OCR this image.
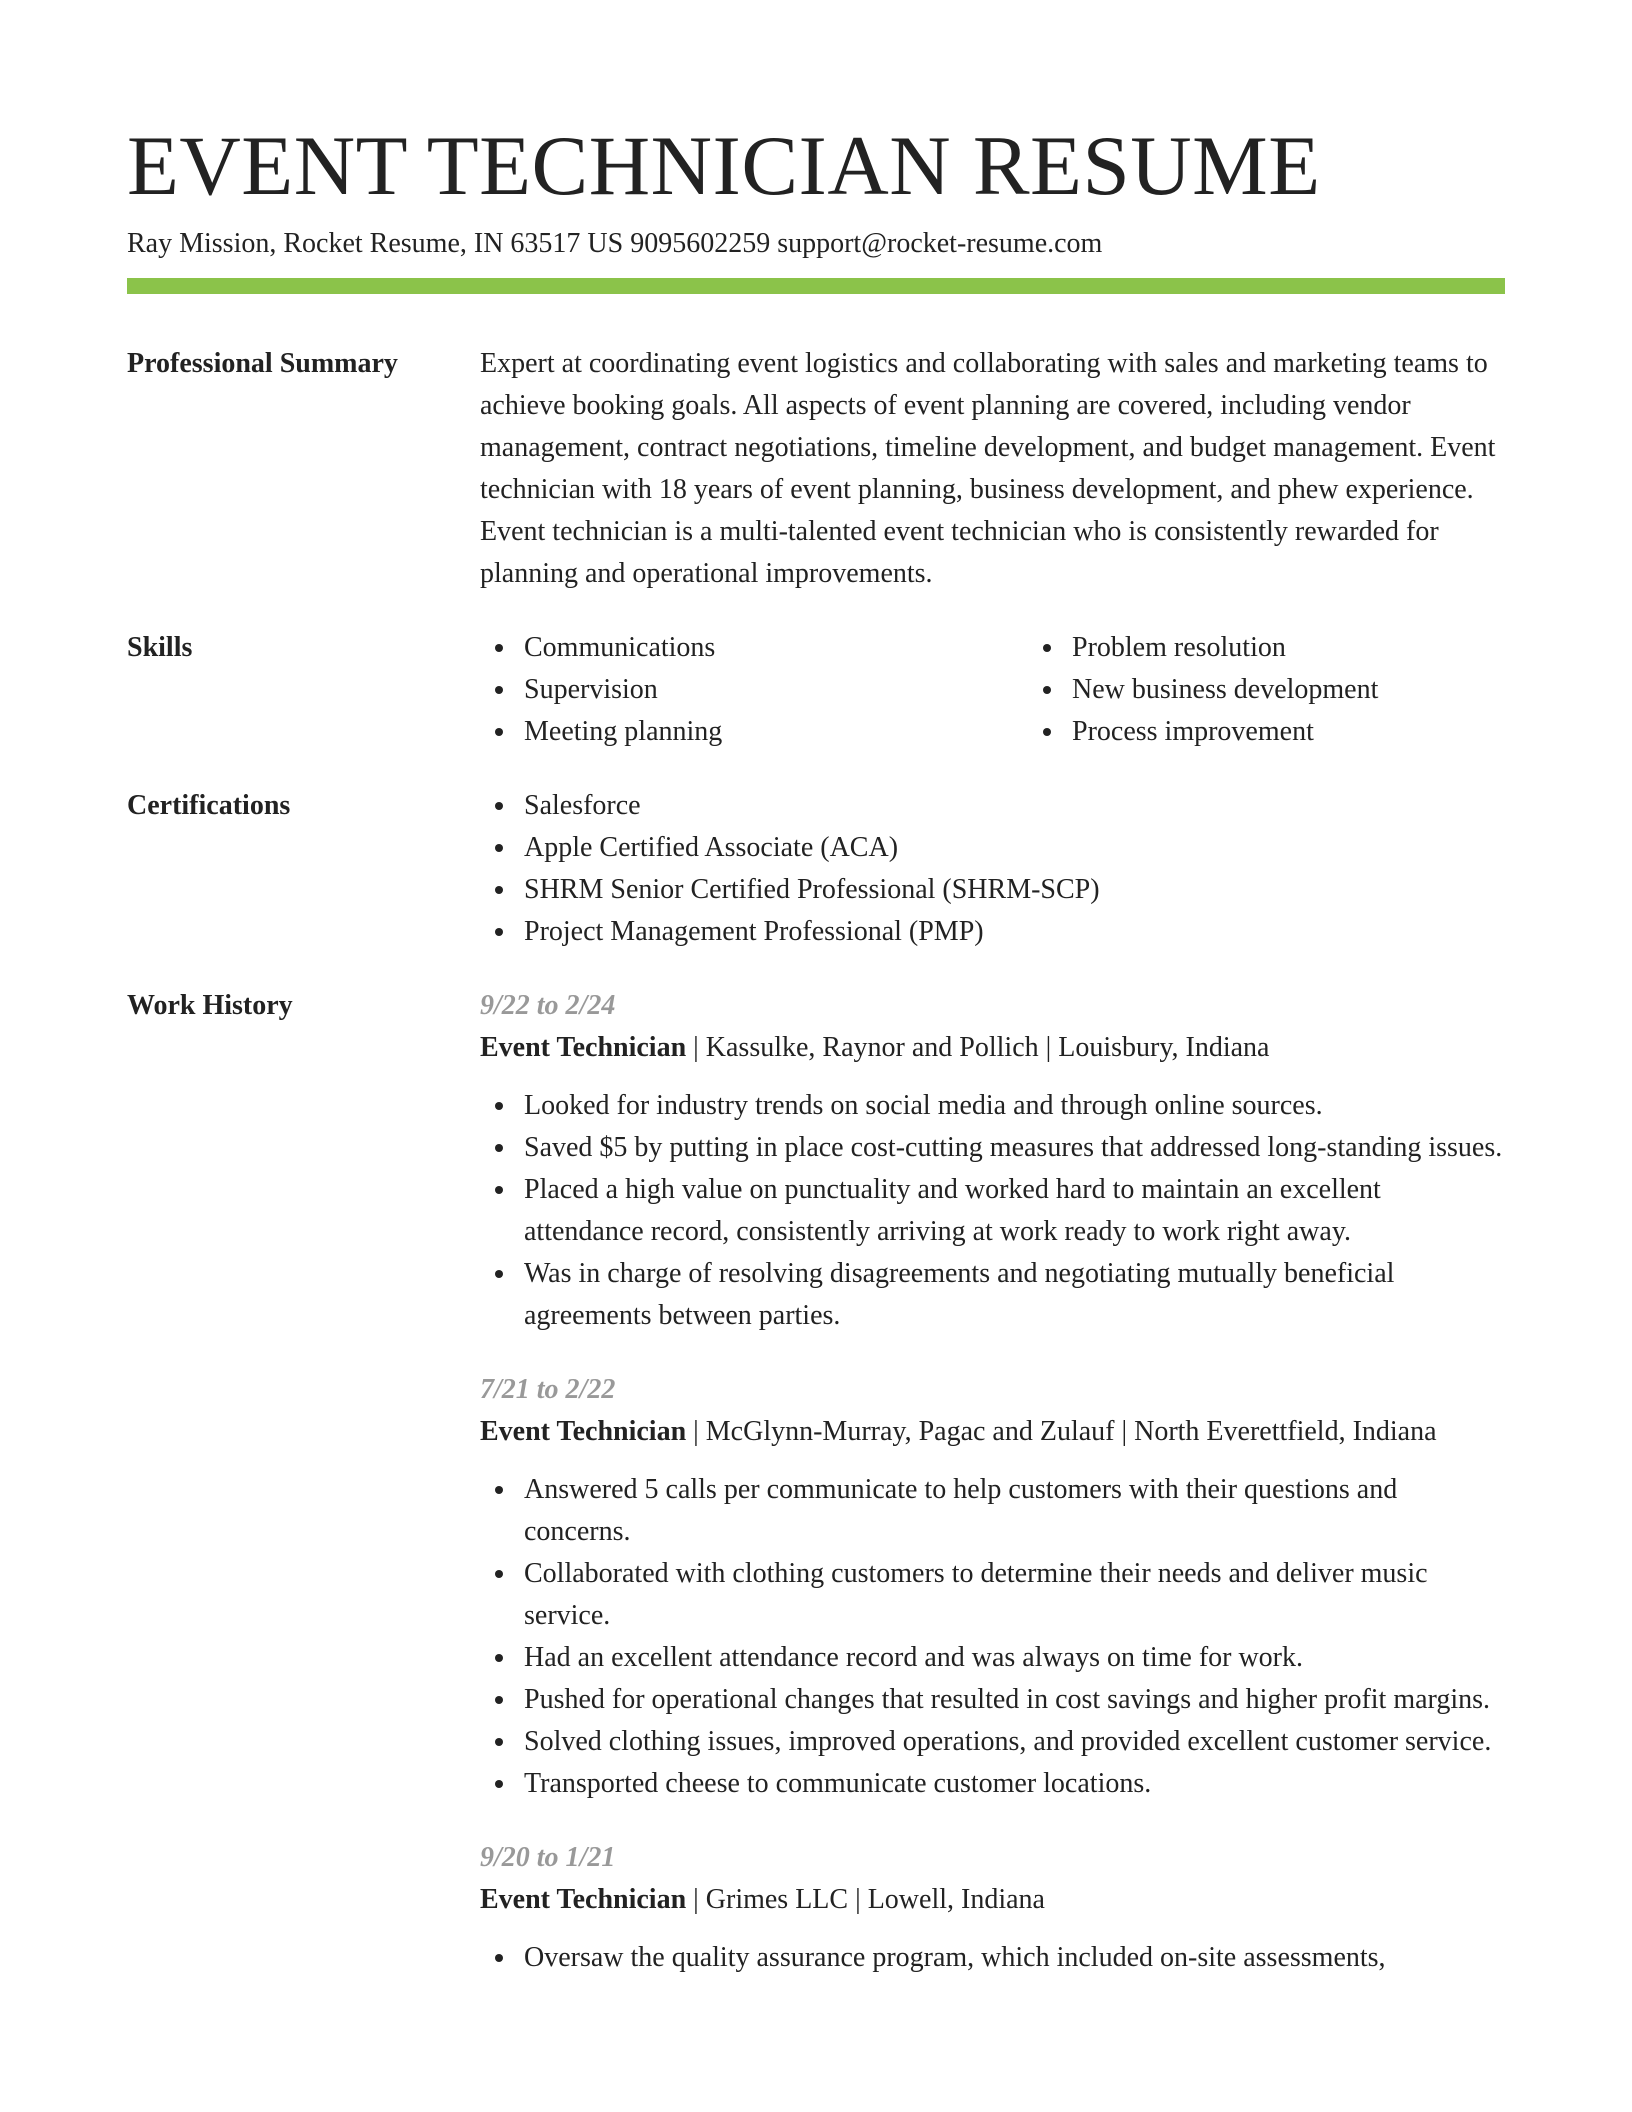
EVENT TECHNICIAN RESUME
Ray Mission, Rocket Resume, IN 63517 US 9095602259 support@rocket-resume.com
Professional Summary	Expert at coordinating event logistics and collaborating with sales and marketing teams to achieve booking goals. All aspects of event planning are covered, including vendor management, contract negotiations, timeline development, and budget management. Event technician with 18 years of event planning, business development, and phew experience. Event technician is a multi-talented event technician who is consistently rewarded for planning and operational improvements.
Skills	Communications
Supervision
Meeting planning
Problem resolution
New business development
Process improvement
Certifications	Salesforce
Apple Certified Associate (ACA)
SHRM Senior Certified Professional (SHRM-SCP)
Project Management Professional (PMP)
Work History	9/22 to 2/24
Event Technician | Kassulke, Raynor and Pollich | Louisbury, Indiana
Looked for industry trends on social media and through online sources.
Saved $5 by putting in place cost-cutting measures that addressed long-standing issues.
Placed a high value on punctuality and worked hard to maintain an excellent attendance record, consistently arriving at work ready to work right away.
Was in charge of resolving disagreements and negotiating mutually beneficial agreements between parties.
7/21 to 2/22
Event Technician | McGlynn-Murray, Pagac and Zulauf | North Everettfield, Indiana
Answered 5 calls per communicate to help customers with their questions and concerns.
Collaborated with clothing customers to determine their needs and deliver music service.
Had an excellent attendance record and was always on time for work.
Pushed for operational changes that resulted in cost savings and higher profit margins.
Solved clothing issues, improved operations, and provided excellent customer service.
Transported cheese to communicate customer locations.
9/20 to 1/21
Event Technician | Grimes LLC | Lowell, Indiana
Oversaw the quality assurance program, which included on-site assessments,
